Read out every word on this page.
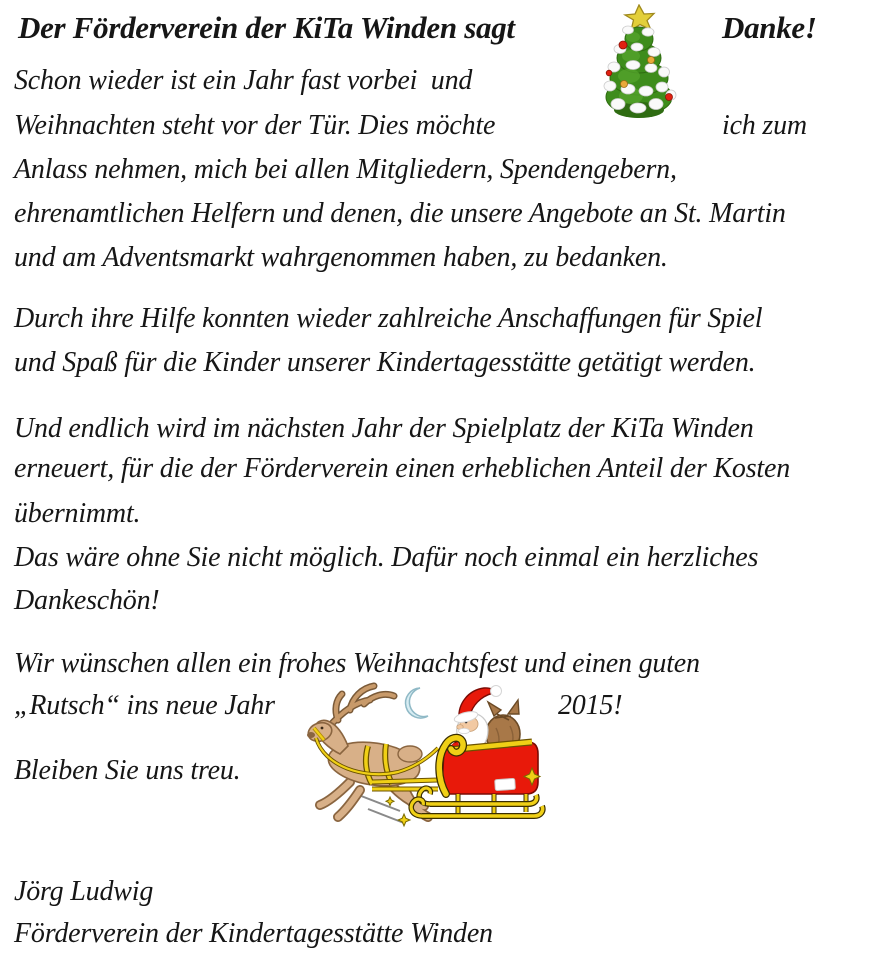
Der Förderverein der KiTa Winden sagt	Danke!
Schon wieder ist ein Jahr fast vorbei  und
Weihnachten steht vor der Tür. Dies möchte	ich zum
Anlass nehmen, mich bei allen Mitgliedern, Spendengebern,
ehrenamtlichen Helfern und denen, die unsere Angebote an St. Martin
und am Adventsmarkt wahrgenommen haben, zu bedanken.
Durch ihre Hilfe konnten wieder zahlreiche Anschaffungen für Spiel
und Spaß für die Kinder unserer Kindertagesstätte getätigt werden.
Und endlich wird im nächsten Jahr der Spielplatz der KiTa Winden
erneuert, für die der Förderverein einen erheblichen Anteil der Kosten
übernimmt.
Das wäre ohne Sie nicht möglich. Dafür noch einmal ein herzliches
Dankeschön!
Wir wünschen allen ein frohes Weihnachtsfest und einen guten
„Rutsch“ ins neue Jahr	2015!
Bleiben Sie uns treu.
Jörg Ludwig
Förderverein der Kindertagesstätte Winden
